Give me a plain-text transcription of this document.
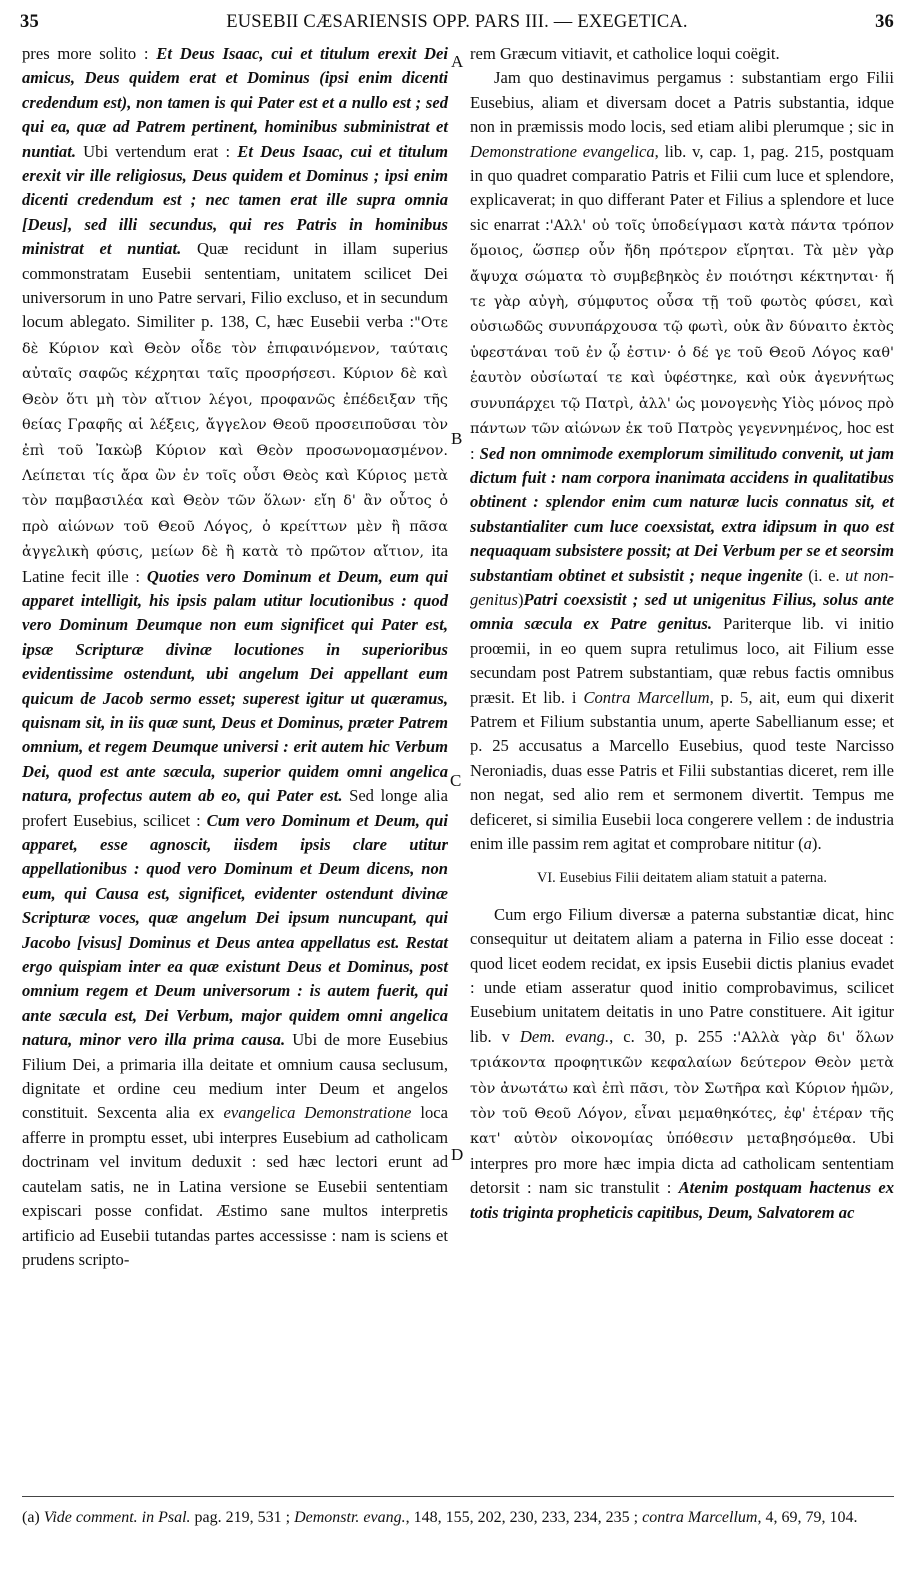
35	EUSEBII CÆSARIENSIS OPP. PARS III. — EXEGETICA.	36
A
B
C
D

pres more solito : Et Deus Isaac, cui et titulum erexit Dei amicus, Deus quidem erat et Dominus (ipsi enim dicenti credendum est), non tamen is qui Pater est et a nullo est ; sed qui ea, quæ ad Patrem pertinent, hominibus subministrat et nuntiat. Ubi vertendum erat : Et Deus Isaac, cui et titulum erexit vir ille religiosus, Deus quidem et Dominus ; ipsi enim dicenti credendum est ; nec tamen erat ille supra omnia [Deus], sed illi secundus, qui res Patris in hominibus ministrat et nuntiat. Quæ recidunt in illam superius commonstratam Eusebii sententiam, unitatem scilicet Dei universorum in uno Patre servari, Filio excluso, et in secundum locum ablegato. Similiter p. 138, C, hæc Eusebii verba :"Οτε δὲ Κύριον καὶ Θεὸν οἶδε τὸν ἐπιφαινόμενον, ταύταις αὐταῖς σαφῶς κέχρηται ταῖς προσρήσεσι. Κύριον δὲ καὶ Θεὸν ὅτι μὴ τὸν αἴτιον λέγοι, προφανῶς ἐπέδειξαν τῆς θείας Γραφῆς αἱ λέξεις, ἄγγελον Θεοῦ προσειποῦσαι τὸν ἐπὶ τοῦ Ἰακὼβ Κύριον καὶ Θεὸν προσωνομασμένον. Λείπεται τίς ἄρα ὢν ἐν τοῖς οὖσι Θεὸς καὶ Κύριος μετὰ τὸν παμβασιλέα καὶ Θεὸν τῶν ὅλων· εἴη δ' ἂν οὗτος ὁ πρὸ αἰώνων τοῦ Θεοῦ Λόγος, ὁ κρείττων μὲν ἢ πᾶσα ἀγγελικὴ φύσις, μείων δὲ ἢ κατὰ τὸ πρῶτον αἴτιον, ita Latine fecit ille : Quoties vero Dominum et Deum, eum qui apparet intelligit, his ipsis palam utitur locutionibus : quod vero Dominum Deumque non eum significet qui Pater est, ipsæ Scripturæ divinæ locutiones in superioribus evidentissime ostendunt, ubi angelum Dei appellant eum quicum de Jacob sermo esset; superest igitur ut quæramus, quisnam sit, in iis quæ sunt, Deus et Dominus, præter Patrem omnium, et regem Deumque universi : erit autem hic Verbum Dei, quod est ante sæcula, superior quidem omni angelica natura, profectus autem ab eo, qui Pater est. Sed longe alia profert Eusebius, scilicet : Cum vero Dominum et Deum, qui apparet, esse agnoscit, iisdem ipsis clare utitur appellationibus : quod vero Dominum et Deum dicens, non eum, qui Causa est, significet, evidenter ostendunt divinæ Scripturæ voces, quæ angelum Dei ipsum nuncupant, qui Jacobo [visus] Dominus et Deus antea appellatus est. Restat ergo quispiam inter ea quæ existunt Deus et Dominus, post omnium regem et Deum universorum : is autem fuerit, qui ante sæcula est, Dei Verbum, major quidem omni angelica natura, minor vero illa prima causa. Ubi de more Eusebius Filium Dei, a primaria illa deitate et omnium causa seclusum, dignitate et ordine ceu medium inter Deum et angelos constituit. Sexcenta alia ex evangelica Demonstratione loca afferre in promptu esset, ubi interpres Eusebium ad catholicam doctrinam vel invitum deduxit : sed hæc lectori erunt ad cautelam satis, ne in Latina versione se Eusebii sententiam expiscari posse confidat. Æstimo sane multos interpretis artificio ad Eusebii tutandas partes accessisse : nam is sciens et prudens scripto-

rem Græcum vitiavit, et catholice loqui coëgit.

Jam quo destinavimus pergamus : substantiam ergo Filii Eusebius, aliam et diversam docet a Patris substantia, idque non in præmissis modo locis, sed etiam alibi plerumque ; sic in Demonstratione evangelica, lib. v, cap. 1, pag. 215, postquam in quo quadret comparatio Patris et Filii cum luce et splendore, explicaverat; in quo differant Pater et Filius a splendore et luce sic enarrat :'Αλλ' οὐ τοῖς ὑποδείγμασι κατὰ πάντα τρόπον ὅμοιος, ὥσπερ οὖν ἤδη πρότερον εἴρηται. Τὰ μὲν γὰρ ἄψυχα σώματα τὸ συμβεβηκὸς ἐν ποιότησι κέκτηνται· ἥ τε γὰρ αὐγὴ, σύμφυτος οὖσα τῇ τοῦ φωτὸς φύσει, καὶ οὐσιωδῶς συνυπάρχουσα τῷ φωτὶ, οὐκ ἂν δύναιτο ἐκτὸς ὑφεστάναι τοῦ ἐν ᾧ ἐστιν· ὁ δέ γε τοῦ Θεοῦ Λόγος καθ' ἑαυτὸν οὐσίωταί τε καὶ ὑφέστηκε, καὶ οὐκ ἀγεννήτως συνυπάρχει τῷ Πατρὶ, ἀλλ' ὡς μονογενὴς Υἱὸς μόνος πρὸ πάντων τῶν αἰώνων ἐκ τοῦ Πατρὸς γεγεννημένος, hoc est : Sed non omnimode exemplorum similitudo convenit, ut jam dictum fuit : nam corpora inanimata accidens in qualitatibus obtinent : splendor enim cum naturæ lucis connatus sit, et substantialiter cum luce coexsistat, extra idipsum in quo est nequaquam subsistere possit; at Dei Verbum per se et seorsim substantiam obtinet et subsistit ; neque ingenite (i. e. ut non-genitus)Patri coexsistit ; sed ut unigenitus Filius, solus ante omnia sæcula ex Patre genitus. Pariterque lib. vi initio proœmii, in eo quem supra retulimus loco, ait Filium esse secundam post Patrem substantiam, quæ rebus factis omnibus præsit. Et lib. i Contra Marcellum, p. 5, ait, eum qui dixerit Patrem et Filium substantia unum, aperte Sabellianum esse; et p. 25 accusatus a Marcello Eusebius, quod teste Narcisso Neroniadis, duas esse Patris et Filii substantias diceret, rem ille non negat, sed alio rem et sermonem divertit. Tempus me deficeret, si similia Eusebii loca congerere vellem : de industria enim ille passim rem agitat et comprobare nititur (a).

VI. Eusebius Filii deitatem aliam statuit a paterna.

Cum ergo Filium diversæ a paterna substantiæ dicat, hinc consequitur ut deitatem aliam a paterna in Filio esse doceat : quod licet eodem recidat, ex ipsis Eusebii dictis planius evadet : unde etiam asseratur quod initio comprobavimus, scilicet Eusebium unitatem deitatis in uno Patre constituere. Ait igitur lib. v Dem. evang., c. 30, p. 255 :'Αλλὰ γὰρ δι' ὅλων τριάκοντα προφητικῶν κεφαλαίων δεύτερον Θεὸν μετὰ τὸν ἀνωτάτω καὶ ἐπὶ πᾶσι, τὸν Σωτῆρα καὶ Κύριον ἡμῶν, τὸν τοῦ Θεοῦ Λόγον, εἶναι μεμαθηκότες, ἐφ' ἑτέραν τῆς κατ' αὐτὸν οἰκονομίας ὑπόθεσιν μεταβησόμεθα. Ubi interpres pro more hæc impia dicta ad catholicam sententiam detorsit : nam sic transtulit : Atenim postquam hactenus ex totis triginta propheticis capitibus, Deum, Salvatorem ac

(a) Vide comment. in Psal. pag. 219, 531 ; Demonstr. evang., 148, 155, 202, 230, 233, 234, 235 ; contra Marcellum, 4, 69, 79, 104.
